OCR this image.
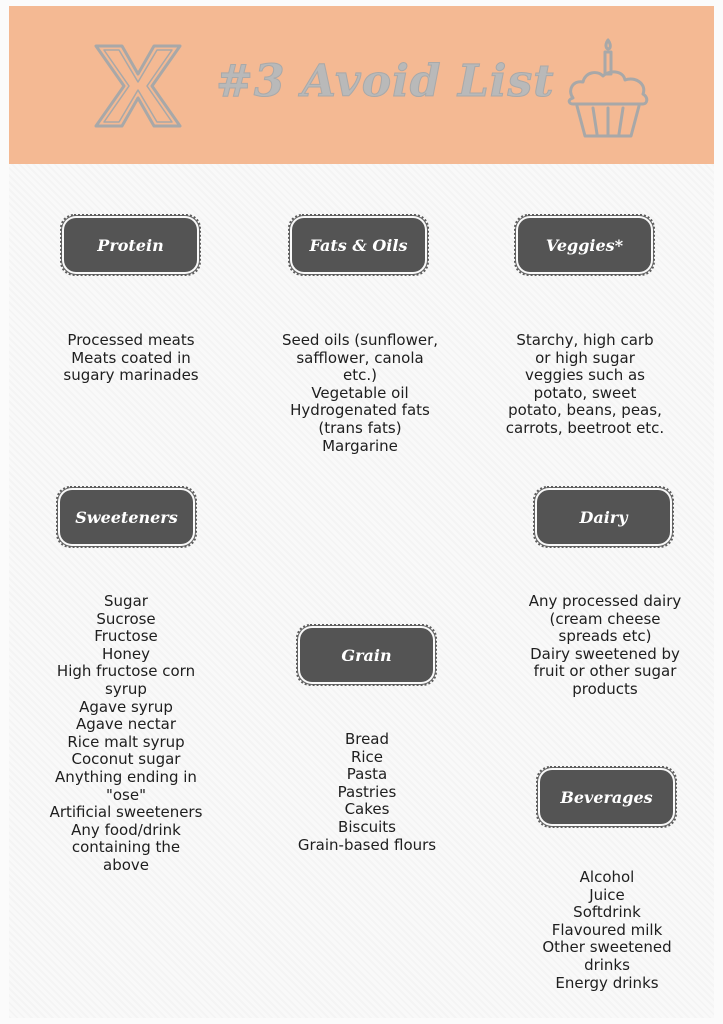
#3 Avoid List
Protein
Processed meats
Meats coated in
sugary marinades
Fats & Oils
Seed oils (sunflower,
safflower, canola
etc.)
Vegetable oil
Hydrogenated fats
(trans fats)
Margarine
Veggies*
Starchy, high carb
or high sugar
veggies such as
potato, sweet
potato, beans, peas,
carrots, beetroot etc.
Sweeteners
Sugar
Sucrose
Fructose
Honey
High fructose corn
syrup
Agave syrup
Agave nectar
Rice malt syrup
Coconut sugar
Anything ending in
"ose"
Artificial sweeteners
Any food/drink
containing the
above
Grain
Bread
Rice
Pasta
Pastries
Cakes
Biscuits
Grain-based flours
Dairy
Any processed dairy
(cream cheese
spreads etc)
Dairy sweetened by
fruit or other sugar
products
Beverages
Alcohol
Juice
Softdrink
Flavoured milk
Other sweetened
drinks
Energy drinks
